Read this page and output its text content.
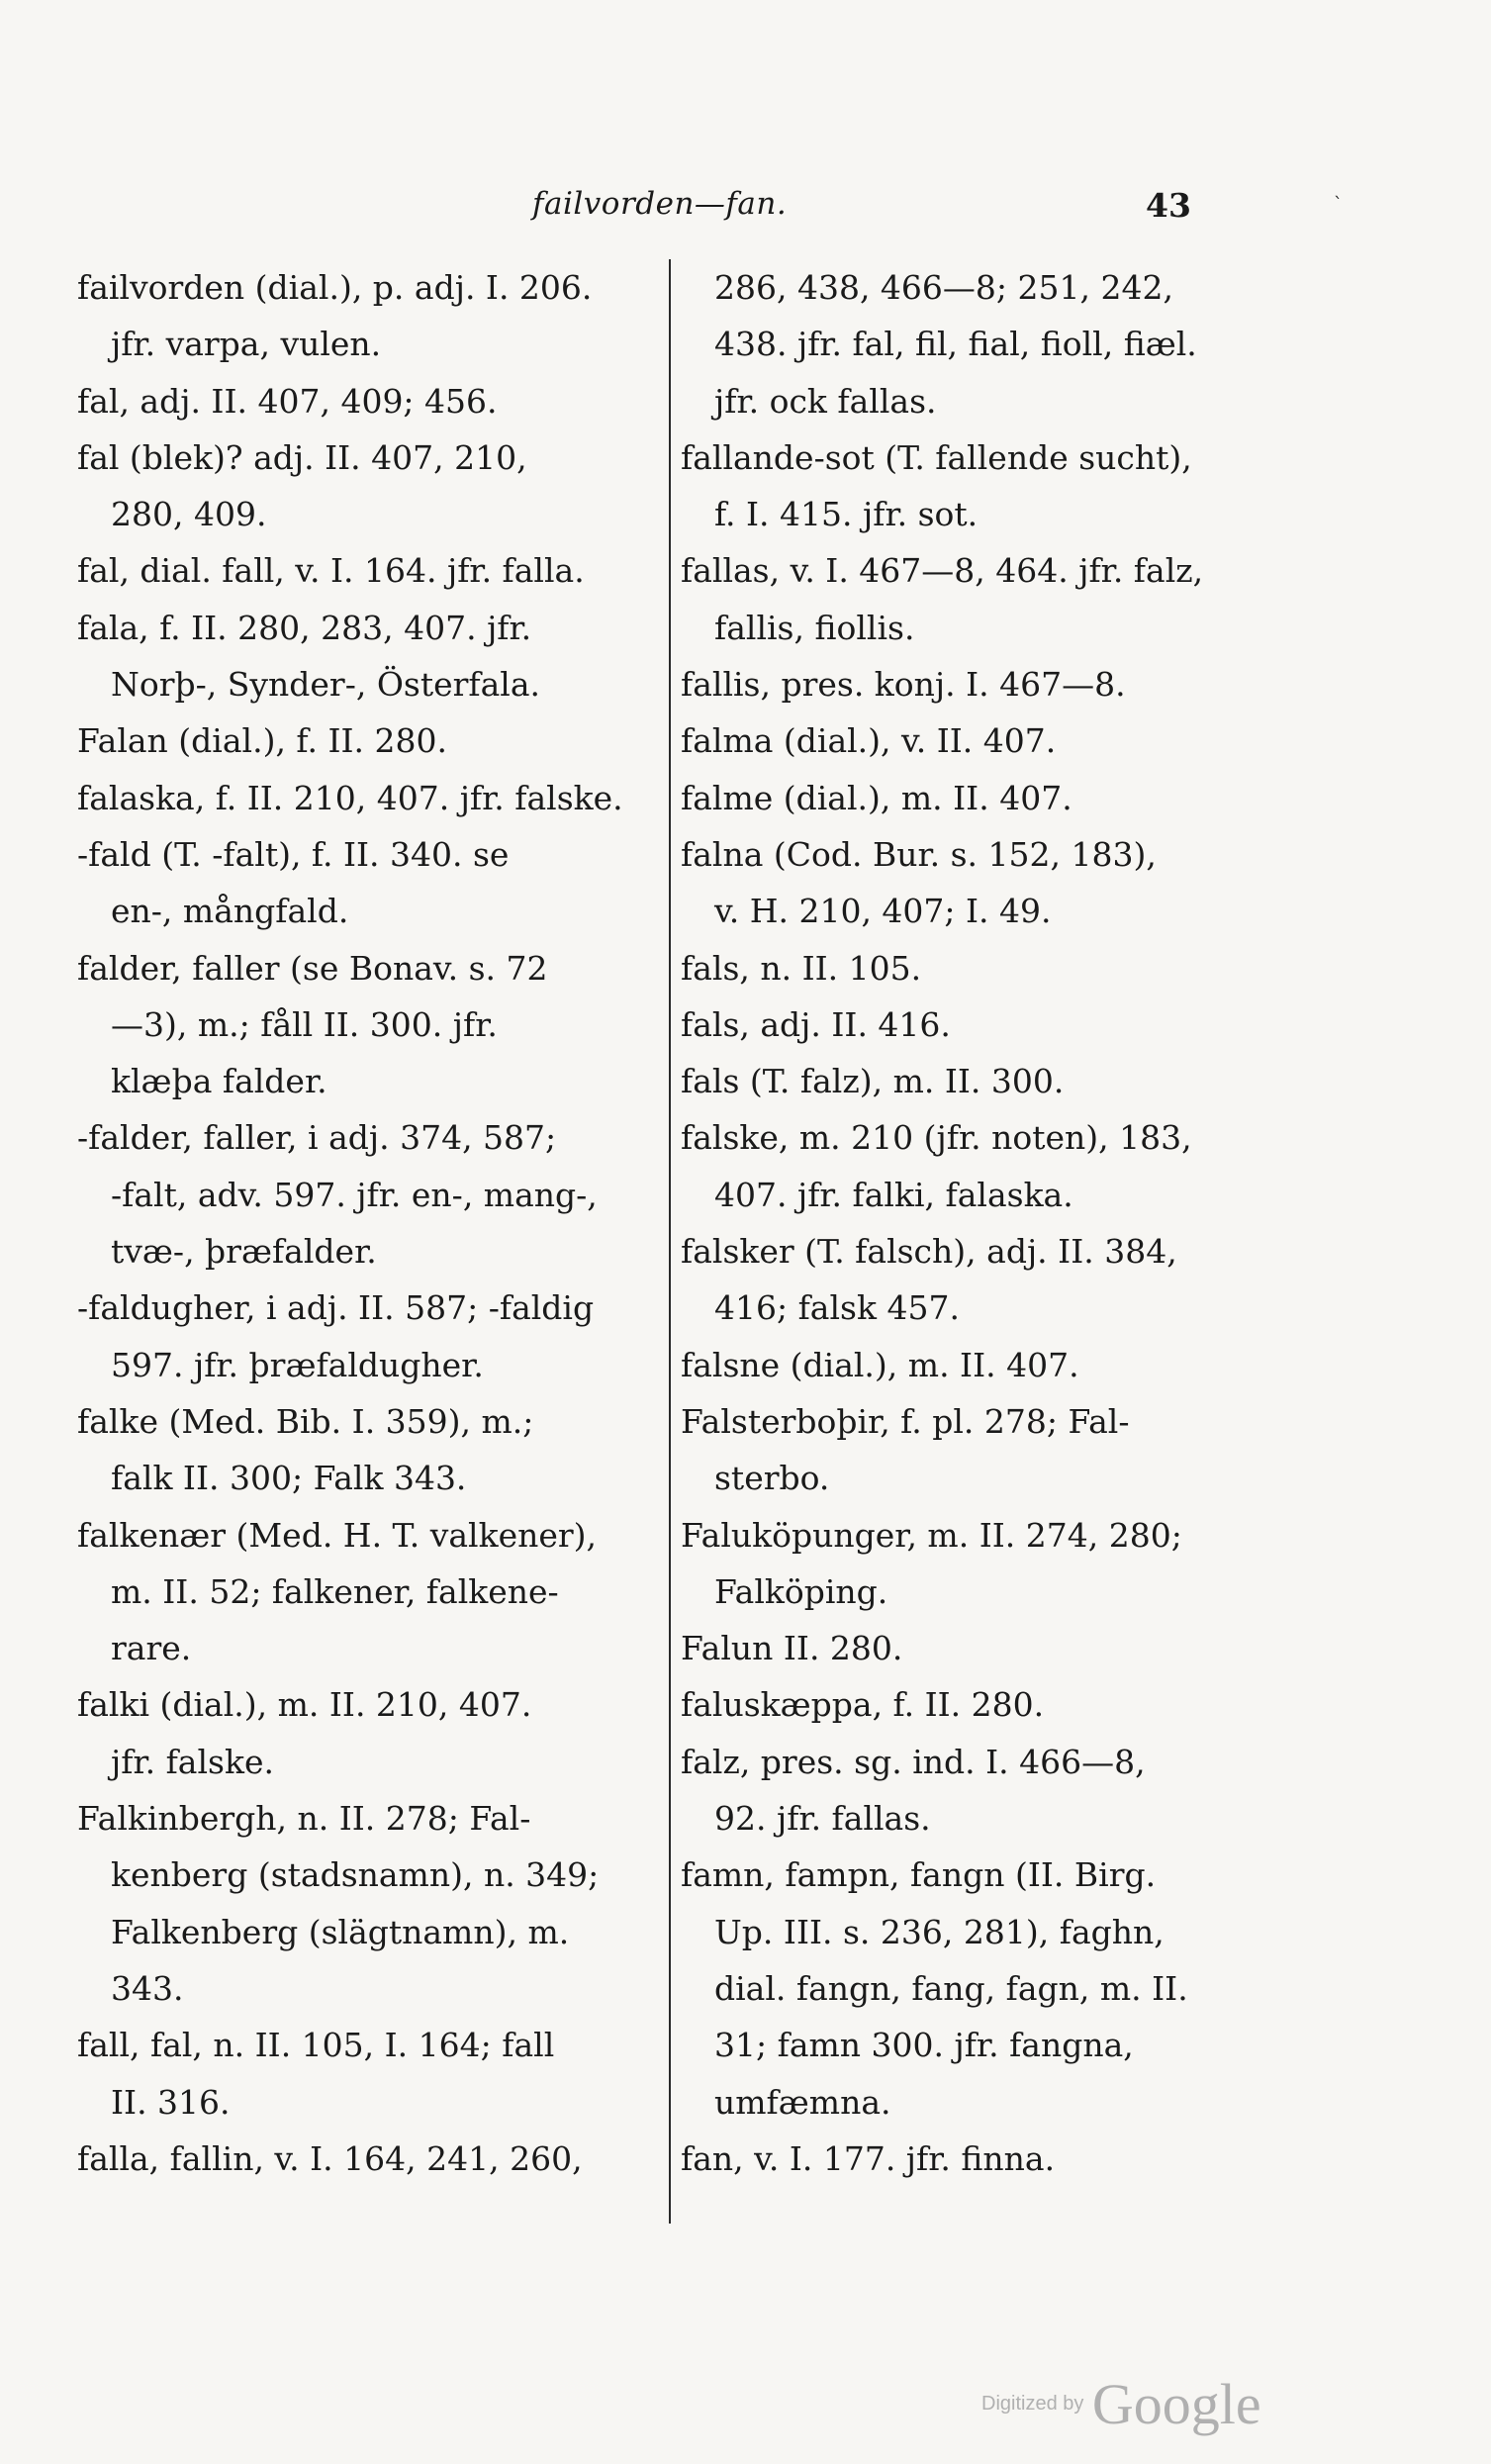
failvorden—fan.	43	`
failvorden (dial.), p. adj. I. 206.
jfr. varpa, vulen.
fal, adj. II. 407, 409; 456.
fal (blek)? adj. II. 407, 210,
280, 409.
fal, dial. fall, v. I. 164. jfr. falla.
fala, f. II. 280, 283, 407. jfr.
Norþ-, Synder-, Österfala.
Falan (dial.), f. II. 280.
falaska, f. II. 210, 407. jfr. falske.
-fald (T. -falt), f. II. 340. se
en-, mångfald.
falder, faller (se Bonav. s. 72
—3), m.; fåll II. 300. jfr.
klæþa falder.
-falder, faller, i adj. 374, 587;
-falt, adv. 597. jfr. en-, mang-,
tvæ-, þræfalder.
-faldugher, i adj. II. 587; -faldig
597. jfr. þræfaldugher.
falke (Med. Bib. I. 359), m.;
falk II. 300; Falk 343.
falkenær (Med. H. T. valkener),
m. II. 52; falkener, falkene-
rare.
falki (dial.), m. II. 210, 407.
jfr. falske.
Falkinbergh, n. II. 278; Fal-
kenberg (stadsnamn), n. 349;
Falkenberg (slägtnamn), m.
343.
fall, fal, n. II. 105, I. 164; fall
II. 316.
falla, fallin, v. I. 164, 241, 260,
286, 438, 466—8; 251, 242,
438. jfr. fal, fil, fial, fioll, fiæl.
jfr. ock fallas.
fallande-sot (T. fallende sucht),
f. I. 415. jfr. sot.
fallas, v. I. 467—8, 464. jfr. falz,
fallis, fiollis.
fallis, pres. konj. I. 467—8.
falma (dial.), v. II. 407.
falme (dial.), m. II. 407.
falna (Cod. Bur. s. 152, 183),
v. H. 210, 407; I. 49.
fals, n. II. 105.
fals, adj. II. 416.
fals (T. falz), m. II. 300.
falske, m. 210 (jfr. noten), 183,
407. jfr. falki, falaska.
falsker (T. falsch), adj. II. 384,
416; falsk 457.
falsne (dial.), m. II. 407.
Falsterboþir, f. pl. 278; Fal-
sterbo.
Faluköpunger, m. II. 274, 280;
Falköping.
Falun II. 280.
faluskæppa, f. II. 280.
falz, pres. sg. ind. I. 466—8,
92. jfr. fallas.
famn, fampn, fangn (II. Birg.
Up. III. s. 236, 281), faghn,
dial. fangn, fang, fagn, m. II.
31; famn 300. jfr. fangna,
umfæmna.
fan, v. I. 177. jfr. finna.
Digitized by Google
